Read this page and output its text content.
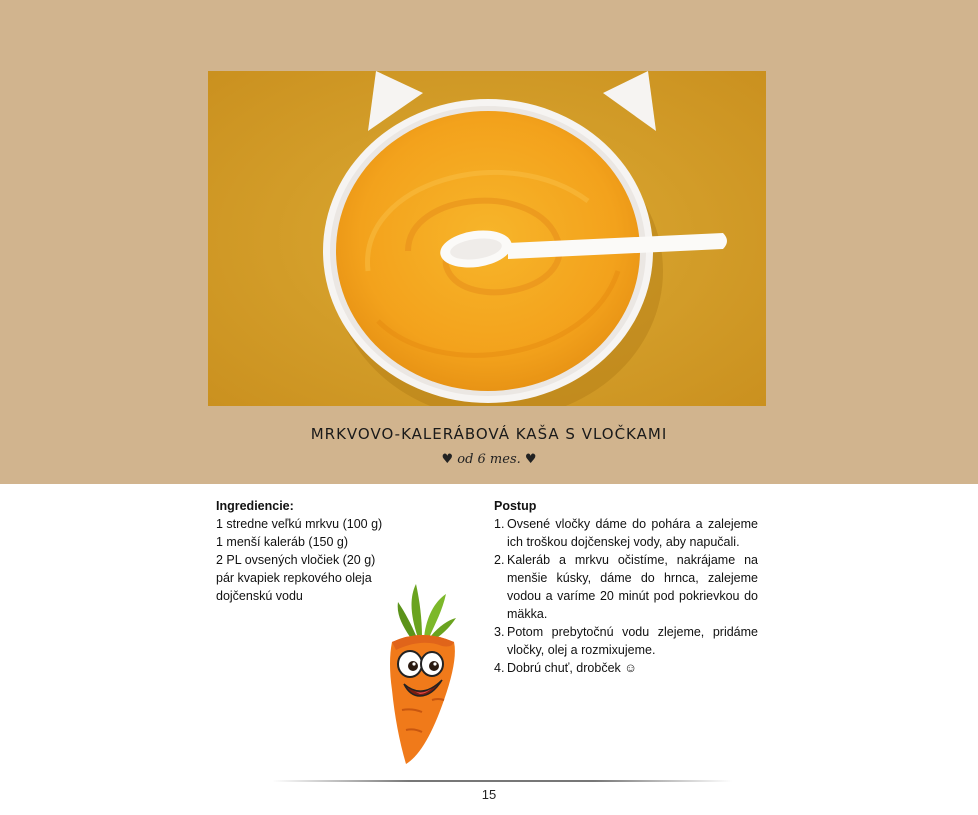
MRKVOVO-KALERÁBOVÁ KAŠA S VLOČKAMI
♥ od 6 mes. ♥
Ingrediencie:
1 stredne veľkú mrkvu (100 g)
1 menší kaleráb (150 g)
2 PL ovsených vločiek (20 g)
pár kvapiek repkového oleja
dojčenskú vodu
Postup
1. Ovsené vločky dáme do pohára a zalejeme ich troškou dojčenskej vody, aby napučali.
2. Kaleráb a mrkvu očistíme, nakrájame na menšie kúsky, dáme do hrnca, zalejeme vodou a varíme 20 minút pod pokrievkou do mäkka.
3. Potom prebytočnú vodu zlejeme, pridáme vločky, olej a rozmixujeme.
4. Dobrú chuť, drobček ☺
15
